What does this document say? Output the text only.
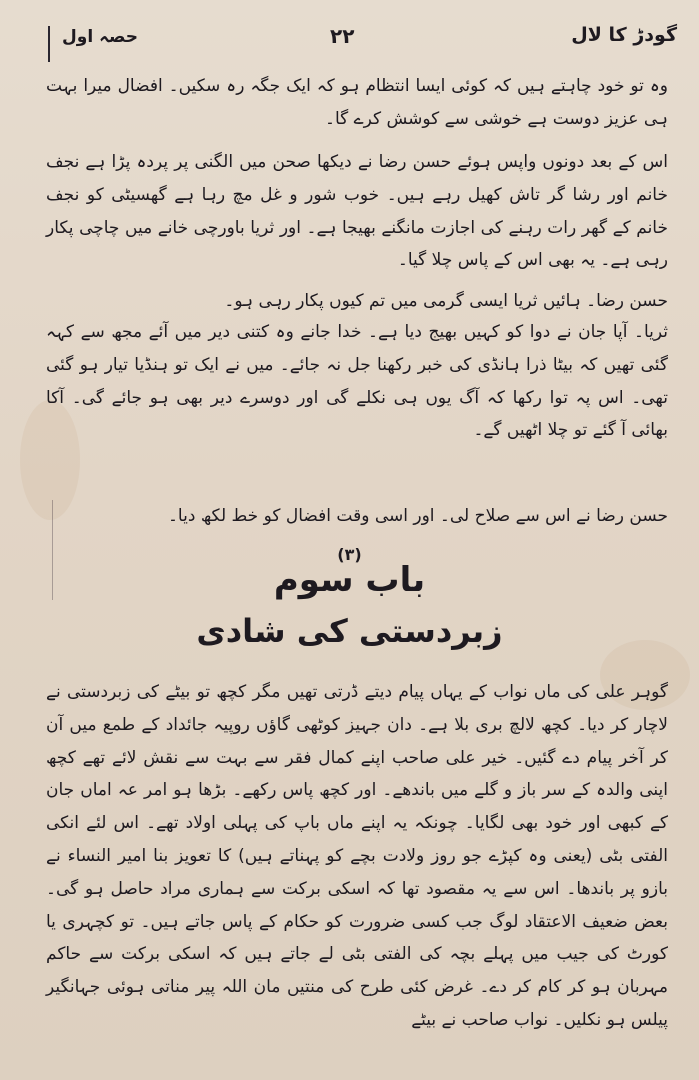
حصہ اول	۲۲	گودڑ کا لال

وہ تو خود چاہتے ہیں کہ کوئی ایسا انتظام ہو کہ ایک جگہ رہ سکیں۔ افضال میرا بہت ہی عزیز دوست ہے خوشی سے کوشش کرے گا۔

اس کے بعد دونوں واپس ہوئے حسن رضا نے دیکھا صحن میں الگنی پر پردہ پڑا ہے نجف خانم اور رشا گر تاش کھیل رہے ہیں۔ خوب شور و غل مچ رہا ہے گھسیٹی کو نجف خانم کے گھر رات رہنے کی اجازت مانگنے بھیجا ہے۔ اور ثریا باورچی خانے میں چاچی پکار رہی ہے۔ یہ بھی اس کے پاس چلا گیا۔

حسن رضا۔ ہائیں ثریا ایسی گرمی میں تم کیوں پکار رہی ہو۔

ثریا۔ آپا جان نے دوا کو کہیں بھیج دیا ہے۔ خدا جانے وہ کتنی دیر میں آئے مجھ سے کہہ گئی تھیں کہ بیٹا ذرا ہانڈی کی خبر رکھنا جل نہ جائے۔ میں نے ایک تو ہنڈیا تیار ہو گئی تھی۔ اس پہ توا رکھا کہ آگ یوں ہی نکلے گی اور دوسرے دیر بھی ہو جائے گی۔ آکا بھائی آ گئے تو چلا اٹھیں گے۔

حسن رضا نے اس سے صلاح لی۔ اور اسی وقت افضال کو خط لکھ دیا۔

(۳)
باب سوم
زبردستی کی شادی

گوہر علی کی ماں نواب کے یہاں پیام دیتے ڈرتی تھیں مگر کچھ تو بیٹے کی زبردستی نے لاچار کر دیا۔ کچھ لالچ بری بلا ہے۔ دان جہیز کوٹھی گاؤں روپیہ جائداد کے طمع میں آن کر آخر پیام دے گئیں۔ خیر علی صاحب اپنے کمال فقر سے بہت سے نقش لائے تھے کچھ اپنی والدہ کے سر باز و گلے میں باندھے۔ اور کچھ پاس رکھے۔ بڑھا ہو امر عہ اماں جان کے کبھی اور خود بھی لگایا۔ چونکہ یہ اپنے ماں باپ کی پہلی اولاد تھے۔ اس لئے انکی الفتی بٹی (یعنی وہ کپڑے جو روز ولادت بچے کو پہناتے ہیں) کا تعویز بنا امیر النساء نے بازو پر باندھا۔ اس سے یہ مقصود تھا کہ اسکی برکت سے ہماری مراد حاصل ہو گی۔ بعض ضعیف الاعتقاد لوگ جب کسی ضرورت کو حکام کے پاس جاتے ہیں۔ تو کچہری یا کورٹ کی جیب میں پہلے بچہ کی الفتی بٹی لے جاتے ہیں کہ اسکی برکت سے حاکم مہربان ہو کر کام کر دے۔ غرض کئی طرح کی منتیں مان اللہ پیر مناتی ہوئی جہانگیر پیلس ہو نکلیں۔ نواب صاحب نے بیٹے
